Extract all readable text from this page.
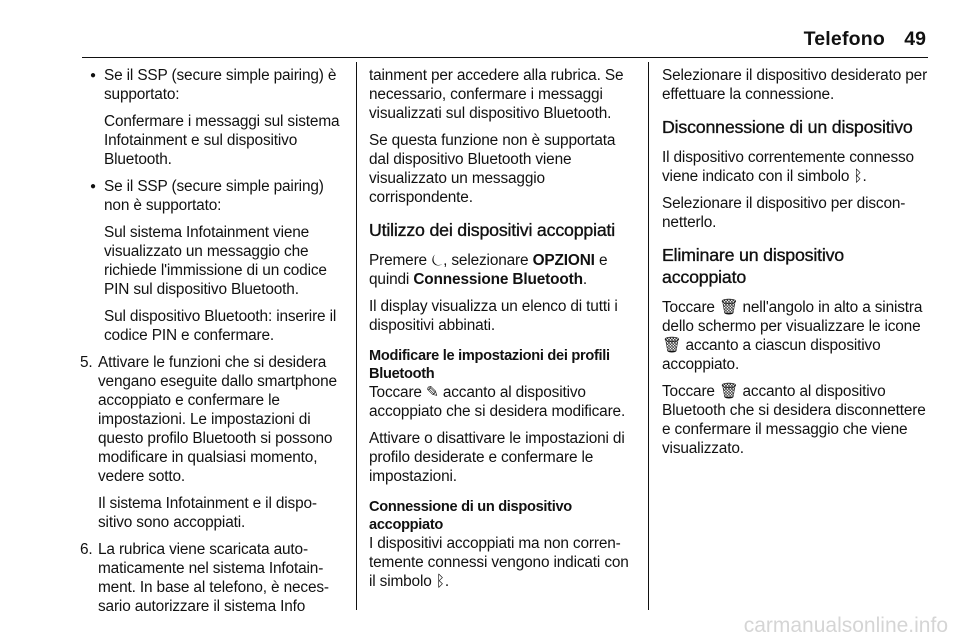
Telefono 49

● Se il SSP (secure simple pairing) è supportato:

Confermare i messaggi sul sistema Infotainment e sul dispositivo Bluetooth.

● Se il SSP (secure simple pairing) non è supportato:

Sul sistema Infotainment viene visualizzato un messaggio che richiede l'immissione di un codice PIN sul dispositivo Bluetooth.

Sul dispositivo Bluetooth: inserire il codice PIN e confermare.

5. Attivare le funzioni che si desidera vengano eseguite dallo smartphone accoppiato e confermare le impostazioni. Le impostazioni di questo profilo Bluetooth si possono modificare in qualsiasi momento, vedere sotto.

Il sistema Infotainment e il dispositivo sono accoppiati.

6. La rubrica viene scaricata automaticamente nel sistema Infotainment. In base al telefono, è necessario autorizzare il sistema Info

tainment per accedere alla rubrica. Se necessario, confermare i messaggi visualizzati sul dispositivo Bluetooth.

Se questa funzione non è supportata dal dispositivo Bluetooth viene visualizzato un messaggio corrispondente.

Utilizzo dei dispositivi accoppiati

Premere ⏾, selezionare OPZIONI e quindi Connessione Bluetooth.

Il display visualizza un elenco di tutti i dispositivi abbinati.

Modificare le impostazioni dei profili Bluetooth

Toccare ✎ accanto al dispositivo accoppiato che si desidera modificare.

Attivare o disattivare le impostazioni di profilo desiderate e confermare le impostazioni.

Connessione di un dispositivo accoppiato

I dispositivi accoppiati ma non correntemente connessi vengono indicati con il simbolo ᛒ.

Selezionare il dispositivo desiderato per effettuare la connessione.

Disconnessione di un dispositivo

Il dispositivo correntemente connesso viene indicato con il simbolo ᛒ.

Selezionare il dispositivo per disconnetterlo.

Eliminare un dispositivo accoppiato

Toccare 🗑 nell'angolo in alto a sinistra dello schermo per visualizzare le icone 🗑 accanto a ciascun dispositivo accoppiato.

Toccare 🗑 accanto al dispositivo Bluetooth che si desidera disconnettere e confermare il messaggio che viene visualizzato.

carmanualsonline.info
